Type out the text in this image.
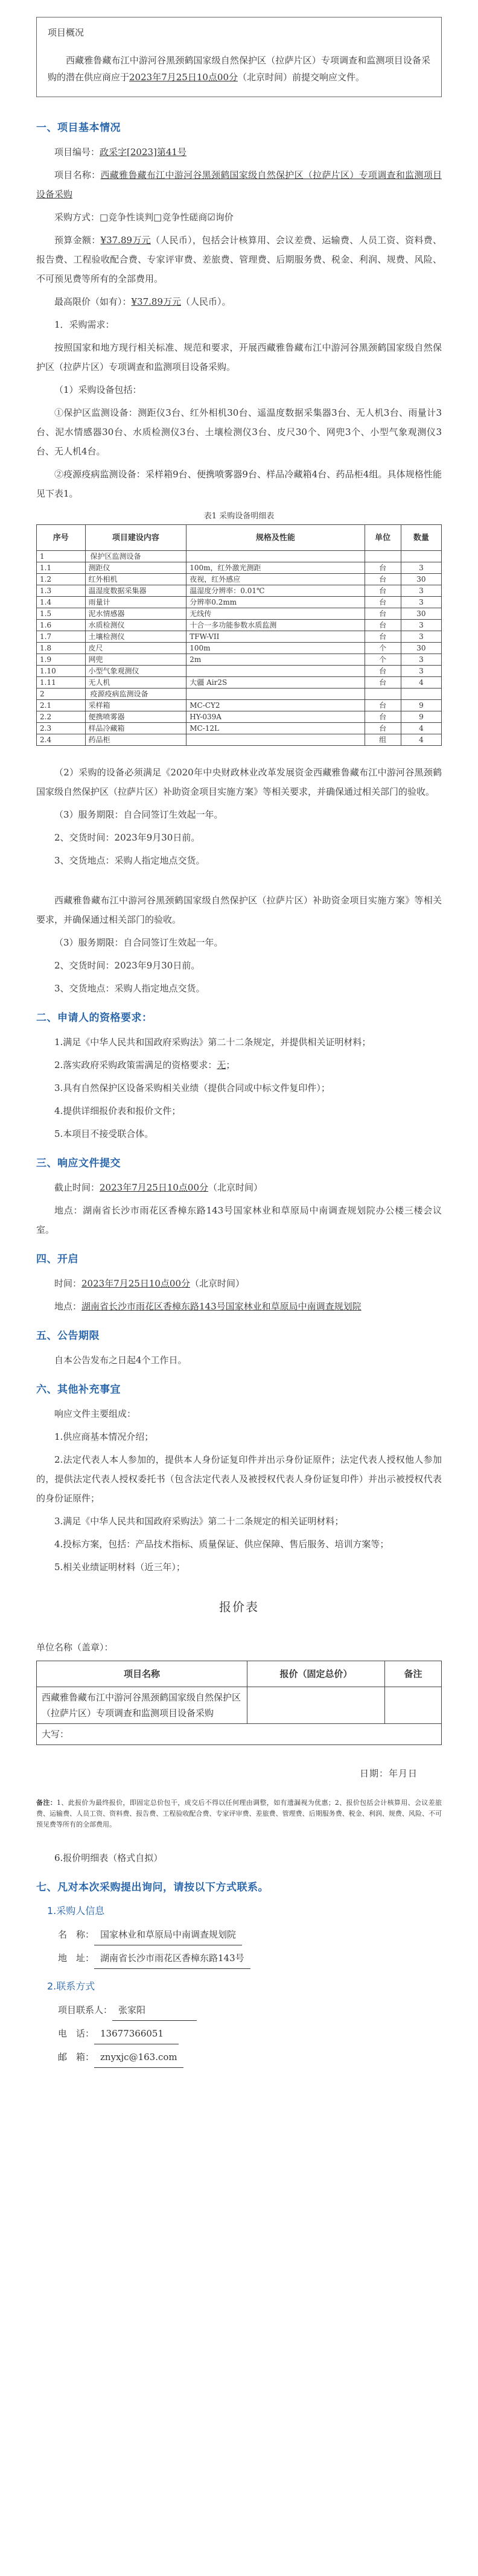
项目概况
西藏雅鲁藏布江中游河谷黑颈鹤国家级自然保护区（拉萨片区）专项调查和监测项目设备采购的潜在供应商应于2023年7月25日10点00分（北京时间）前提交响应文件。
一、项目基本情况
项目编号：政采字[2023]第41号
项目名称：西藏雅鲁藏布江中游河谷黑颈鹤国家级自然保护区（拉萨片区）专项调查和监测项目设备采购
采购方式：□竞争性谈判□竞争性磋商☑询价
预算金额：¥37.89万元（人民币），包括会计核算用、会议差费、运输费、人员工资、资料费、报告费、工程验收配合费、专家评审费、差旅费、管理费、后期服务费、税金、利润、规费、风险、不可预见费等所有的全部费用。
最高限价（如有）：¥37.89万元（人民币）。
1．采购需求：
按照国家和地方现行相关标准、规范和要求，开展西藏雅鲁藏布江中游河谷黑颈鹤国家级自然保护区（拉萨片区）专项调查和监测项目设备采购。
（1）采购设备包括：
①保护区监测设备：测距仪3台、红外相机30台、遥温度数据采集器3台、无人机3台、雨量计3台、泥水情感器30台、水质检测仪3台、土壤检测仪3台、皮尺30个、网兜3个、小型气象观测仪3台、无人机4台。
②疫源疫病监测设备：采样箱9台、便携喷雾器9台、样品冷藏箱4台、药品柜4组。具体规格性能见下表1。
表1 采购设备明细表
序号	项目建设内容	规格及性能	单位	数量
1	保护区监测设备			
1.1	测距仪	100m，红外激光测距	台	3
1.2	红外相机	夜视，红外感应	台	30
1.3	温湿度数据采集器	温湿度分辨率：0.01℃	台	3
1.4	雨量计	分辨率0.2mm	台	3
1.5	泥水情感器	无线传	台	30
1.6	水质检测仪	十合一多功能参数水质监测	台	3
1.7	土壤检测仪	TFW-VII	台	3
1.8	皮尺	100m	个	30
1.9	网兜	2m	个	3
1.10	小型气象观测仪		台	3
1.11	无人机	大疆 Air2S	台	4
2	疫源疫病监测设备			
2.1	采样箱	MC-CY2	台	9
2.2	便携喷雾器	HY-039A	台	9
2.3	样品冷藏箱	MC-12L	台	4
2.4	药品柜		组	4
（2）采购的设备必须满足《2020年中央财政林业改革发展资金西藏雅鲁藏布江中游河谷黑颈鹤国家级自然保护区（拉萨片区）补助资金项目实施方案》等相关要求，并确保通过相关部门的验收。
（3）服务期限：自合同签订生效起一年。
2、交货时间：2023年9月30日前。
3、交货地点：采购人指定地点交货。
西藏雅鲁藏布江中游河谷黑颈鹤国家级自然保护区（拉萨片区）补助资金项目实施方案》等相关要求，并确保通过相关部门的验收。
（3）服务期限：自合同签订生效起一年。
2、交货时间：2023年9月30日前。
3、交货地点：采购人指定地点交货。
二、申请人的资格要求：
1.满足《中华人民共和国政府采购法》第二十二条规定，并提供相关证明材料；
2.落实政府采购政策需满足的资格要求：无；
3.具有自然保护区设备采购相关业绩（提供合同或中标文件复印件）；
4.提供详细报价表和报价文件；
5.本项目不接受联合体。
三、响应文件提交
截止时间：2023年7月25日10点00分（北京时间）
地点：湖南省长沙市雨花区香樟东路143号国家林业和草原局中南调查规划院办公楼三楼会议室。
四、开启
时间：2023年7月25日10点00分（北京时间）
地点：湖南省长沙市雨花区香樟东路143号国家林业和草原局中南调查规划院
五、公告期限
自本公告发布之日起4个工作日。
六、其他补充事宜
响应文件主要组成：
1.供应商基本情况介绍；
2.法定代表人本人参加的，提供本人身份证复印件并出示身份证原件；法定代表人授权他人参加的，提供法定代表人授权委托书（包含法定代表人及被授权代表人身份证复印件）并出示被授权代表的身份证原件；
3.满足《中华人民共和国政府采购法》第二十二条规定的相关证明材料；
4.投标方案，包括：产品技术指标、质量保证、供应保障、售后服务、培训方案等；
5.相关业绩证明材料（近三年）；
报价表
单位名称（盖章）：
项目名称	报价（固定总价）	备注
西藏雅鲁藏布江中游河谷黑颈鹤国家级自然保护区（拉萨片区）专项调查和监测项目设备采购		
大写：		
日期：年月日
备注：1、此报价为最终报价，即固定总价包干，成交后不得以任何理由调整，如有遗漏视为优惠；2、报价包括会计核算用、会议差旅费、运输费、人员工资、资料费、报告费、工程验收配合费、专家评审费、差旅费、管理费、后期服务费、税金、利润、规费、风险、不可预见费等所有的全部费用。
6.报价明细表（格式自拟）
七、凡对本次采购提出询问，请按以下方式联系。
1.采购人信息
名　称： 国家林业和草原局中南调查规划院
地　址： 湖南省长沙市雨花区香樟东路143号
2.联系方式
项目联系人： 张家阳
电　话： 13677366051
邮　箱： znyxjc@163.com
